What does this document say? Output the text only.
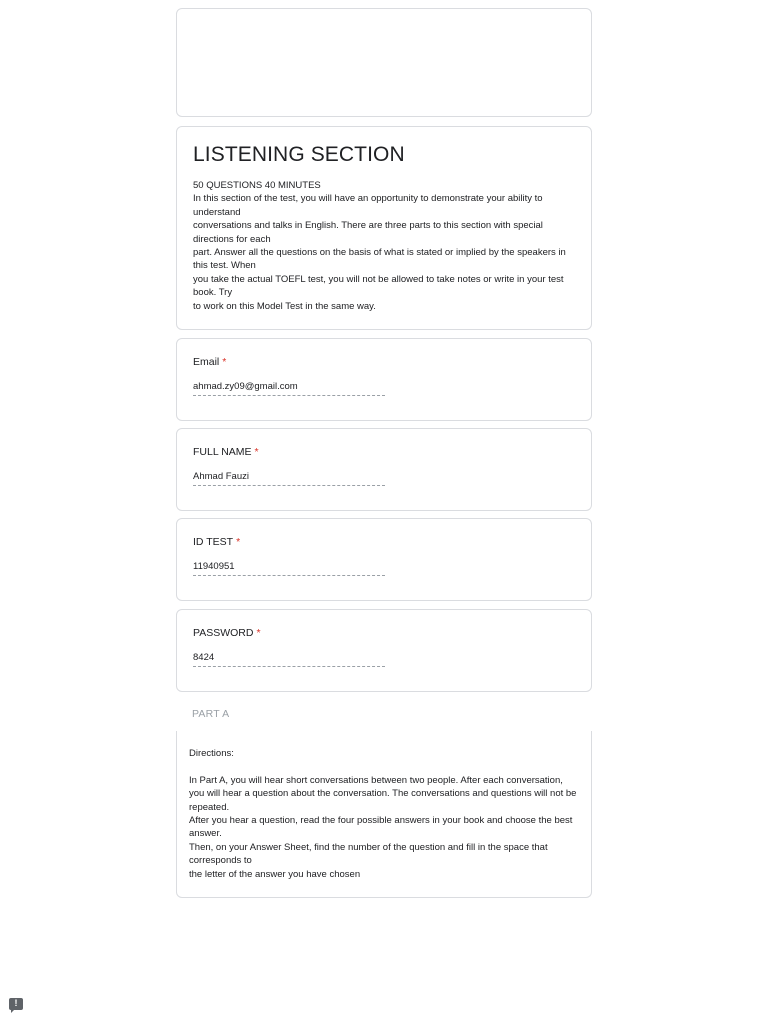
LISTENING SECTION

50 QUESTIONS 40 MINUTES
In this section of the test, you will have an opportunity to demonstrate your ability to understand
conversations and talks in English. There are three parts to this section with special directions for each
part. Answer all the questions on the basis of what is stated or implied by the speakers in this test. When
you take the actual TOEFL test, you will not be allowed to take notes or write in your test book. Try
to work on this Model Test in the same way.

Email *
ahmad.zy09@gmail.com
FULL NAME *
Ahmad Fauzi
ID TEST *
11940951
PASSWORD *
8424
PART A

Directions:

In Part A, you will hear short conversations between two people. After each conversation, you will hear a question about the conversation. The conversations and questions will not be repeated.
After you hear a question, read the four possible answers in your book and choose the best answer.
Then, on your Answer Sheet, find the number of the question and fill in the space that corresponds to
the letter of the answer you have chosen

!
